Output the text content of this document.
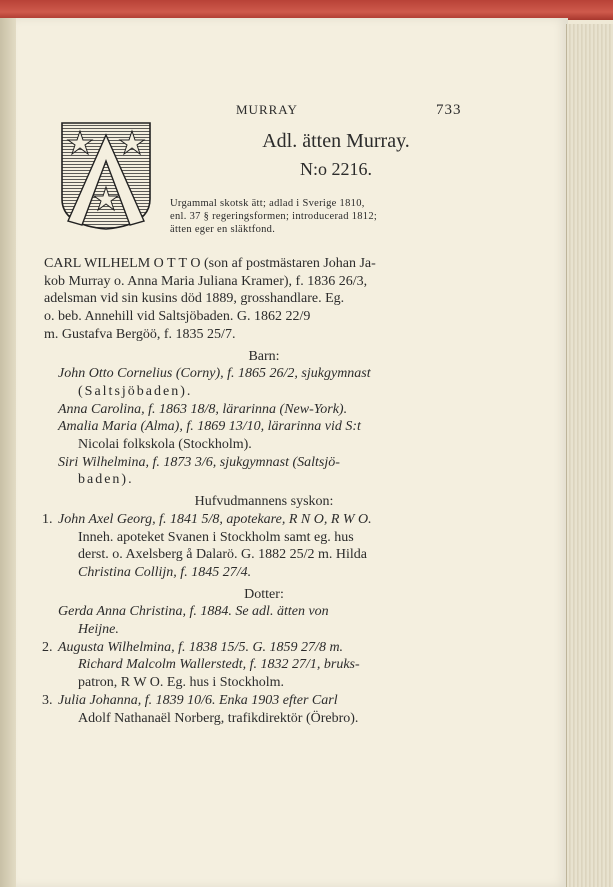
MURRAY	733
Adl. ätten Murray.
N:o 2216.
Urgammal skotsk ätt; adlad i Sverige 1810,
enl. 37 § regeringsformen; introducerad 1812;
ätten eger en släktfond.
CARL WILHELM O T T O (son af postmästaren Johan Ja-
kob Murray o. Anna Maria Juliana Kramer), f. 1836 26/3,
adelsman vid sin kusins död 1889, grosshandlare. Eg.
o. beb. Annehill vid Saltsjöbaden. G. 1862 22/9
m. Gustafva Bergöö, f. 1835 25/7.
Barn:
John Otto Cornelius (Corny), f. 1865 26/2, sjukgymnast
(Saltsjöbaden).
Anna Carolina, f. 1863 18/8, lärarinna (New-York).
Amalia Maria (Alma), f. 1869 13/10, lärarinna vid S:t
Nicolai folkskola (Stockholm).
Siri Wilhelmina, f. 1873 3/6, sjukgymnast (Saltsjö-
baden).
Hufvudmannens syskon:
1. John Axel Georg, f. 1841 5/8, apotekare, R N O, R W O.
Inneh. apoteket Svanen i Stockholm samt eg. hus
derst. o. Axelsberg å Dalarö. G. 1882 25/2 m. Hilda
Christina Collijn, f. 1845 27/4.
Dotter:
Gerda Anna Christina, f. 1884. Se adl. ätten von
Heijne.
2. Augusta Wilhelmina, f. 1838 15/5. G. 1859 27/8 m.
Richard Malcolm Wallerstedt, f. 1832 27/1, bruks-
patron, R W O. Eg. hus i Stockholm.
3. Julia Johanna, f. 1839 10/6. Enka 1903 efter Carl
Adolf Nathanaël Norberg, trafikdirektör (Örebro).
